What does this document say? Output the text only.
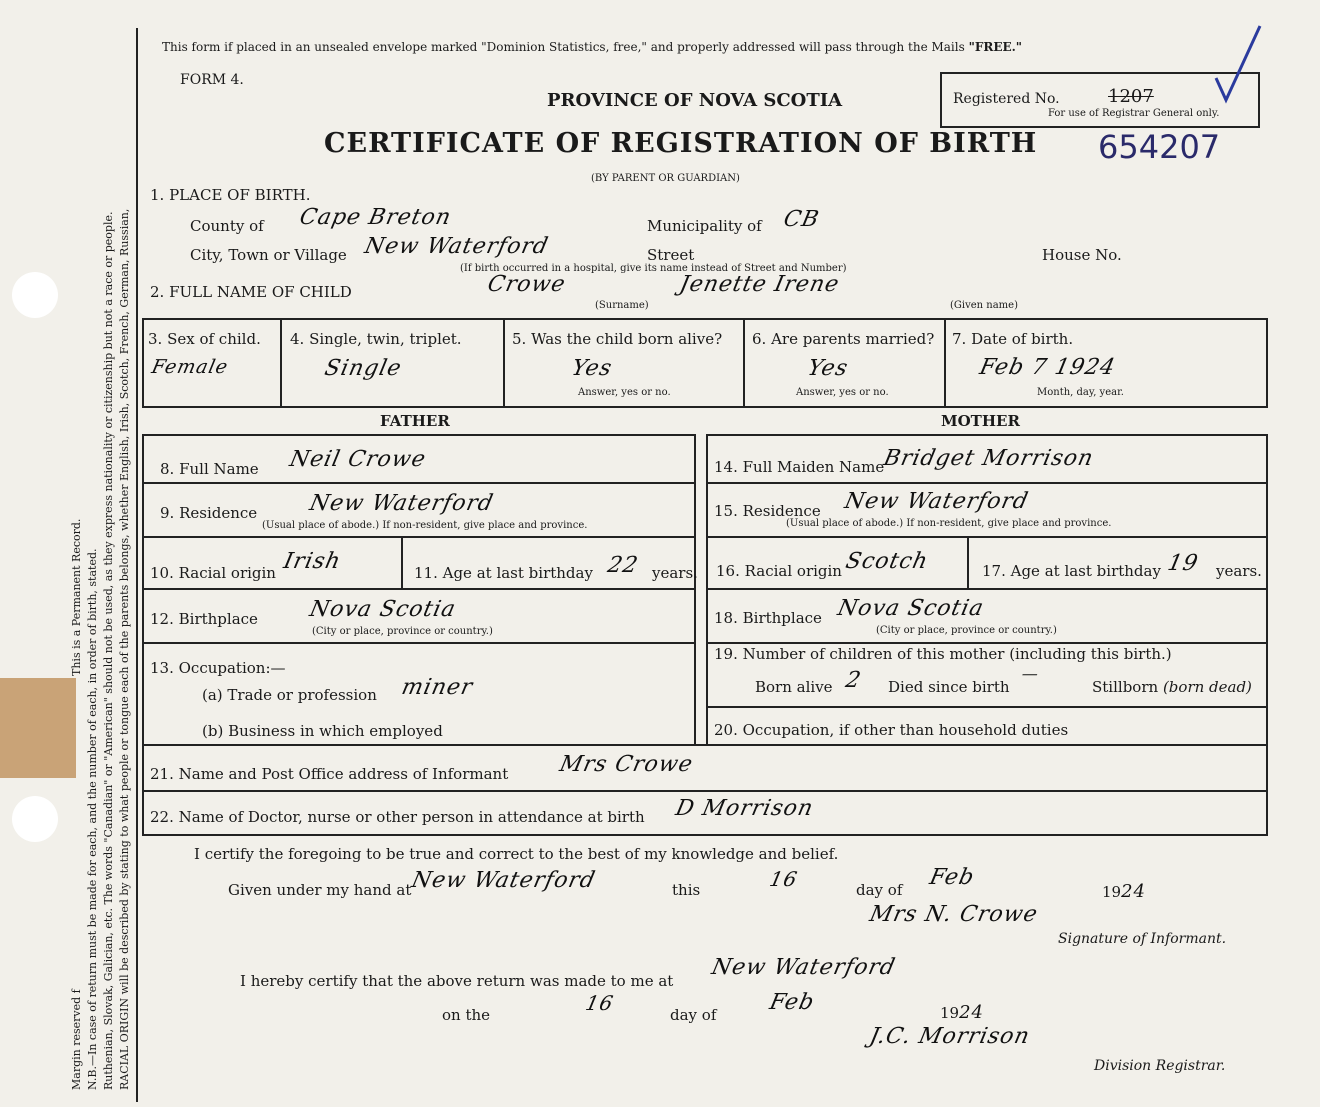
RACIAL ORIGIN will be described by stating to what people or tongue each of the parents belongs, whether English, Irish, Scotch, French, German, Russian,
Ruthenian, Slovak, Galician, etc. The words "Canadian" or "American" should not be used, as they express nationality or citizenship but not a race or people.
N.B.—In case of return must be made for each, and the number of each, in order of birth, stated.
Margin reserved f
This is a Permanent Record.
This form if placed in an unsealed envelope marked "Dominion Statistics, free," and properly addressed will pass through the Mails "FREE."
FORM 4.
PROVINCE OF NOVA SCOTIA
CERTIFICATE OF REGISTRATION OF BIRTH
(BY PARENT OR GUARDIAN)
Registered No.	1207
For use of Registrar General only.
654207
1. PLACE OF BIRTH.
County of Cape Breton	Municipality of CB
City, Town or Village New Waterford	Street	House No.
(If birth occurred in a hospital, give its name instead of Street and Number)
2. FULL NAME OF CHILD	Crowe	Jenette Irene
(Surname)	(Given name)
3. Sex of child.
Female
4. Single, twin, triplet.
Single
5. Was the child born alive?
Yes
Answer, yes or no.
6. Are parents married?
Yes
Answer, yes or no.
7. Date of birth.
Feb 7 1924
Month, day, year.
FATHER	MOTHER
8. Full Name Neil Crowe
9. Residence New Waterford
(Usual place of abode.) If non-resident, give place and province.
10. Racial origin Irish	11. Age at last birthday 22 years.
12. Birthplace Nova Scotia
(City or place, province or country.)
13. Occupation:—
(a) Trade or profession miner
(b) Business in which employed
14. Full Maiden Name
Bridget Morrison
15. Residence New Waterford
(Usual place of abode.) If non-resident, give place and province.
16. Racial origin Scotch	17. Age at last birthday 19 years.
18. Birthplace Nova Scotia
(City or place, province or country.)
19. Number of children of this mother (including this birth.)
Born alive 2 Died since birth
—
Stillborn (born dead)
20. Occupation, if other than household duties
21. Name and Post Office address of Informant Mrs Crowe
22. Name of Doctor, nurse or other person in attendance at birth D Morrison
I certify the foregoing to be true and correct to the best of my knowledge and belief.
Given under my hand at
New Waterford	this	16	day of Feb
1924
Mrs N. Crowe
Signature of Informant.
I hereby certify that the above return was made to me at
New Waterford
on the	16	day of Feb	1924
J.C. Morrison
Division Registrar.
